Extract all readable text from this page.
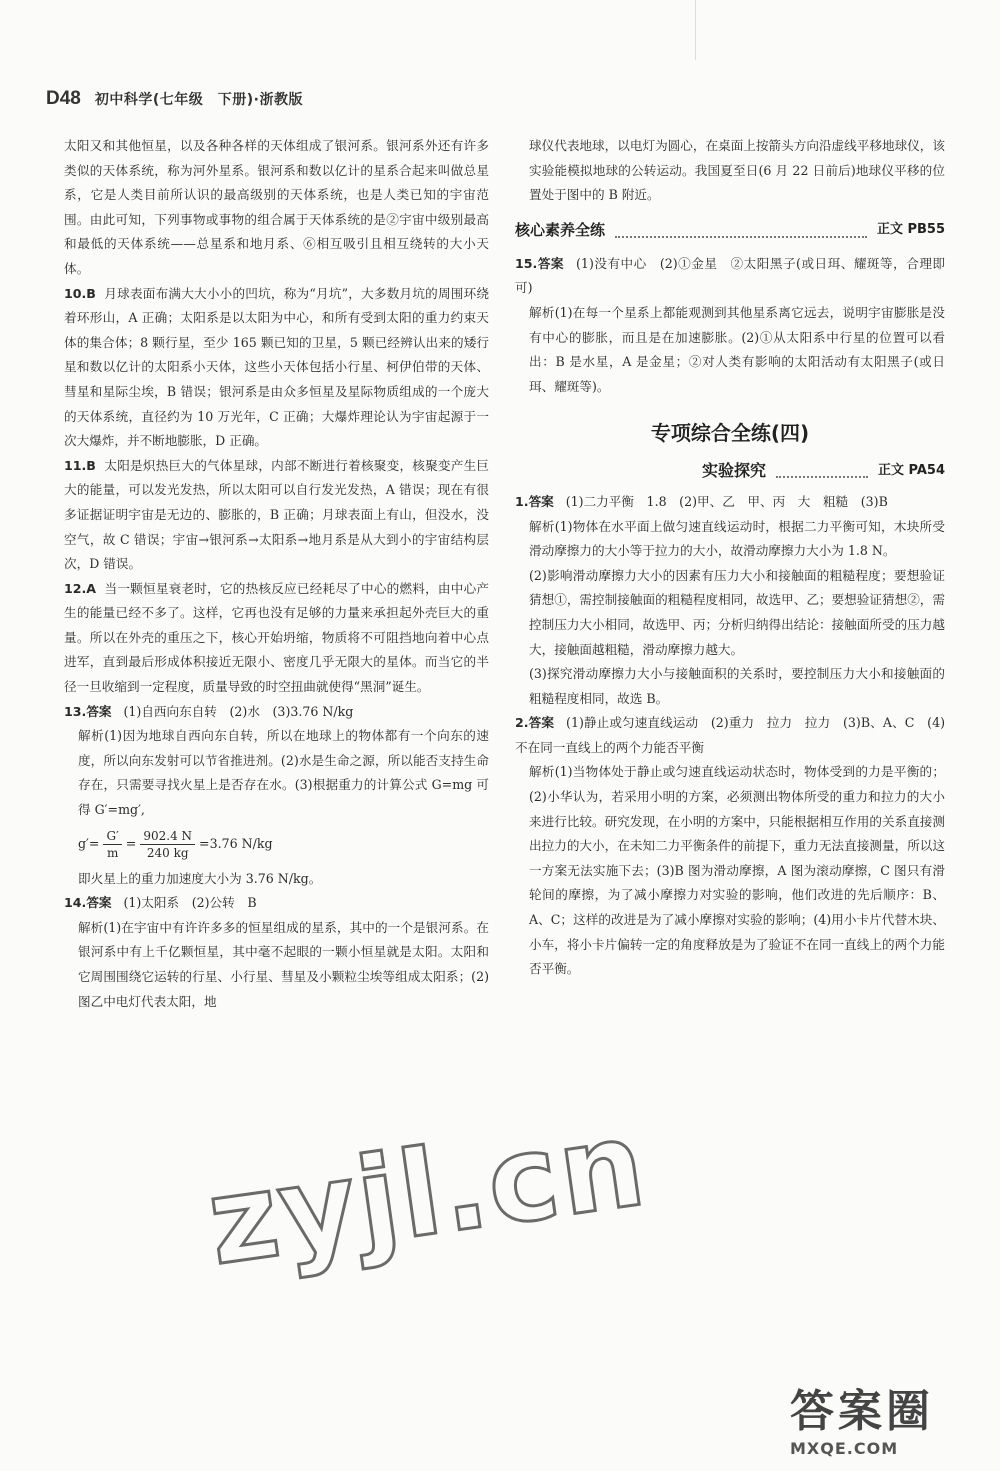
D48 初中科学(七年级　下册)·浙教版

太阳又和其他恒星，以及各种各样的天体组成了银河系。银河系外还有许多类似的天体系统，称为河外星系。银河系和数以亿计的星系合起来叫做总星系，它是人类目前所认识的最高级别的天体系统，也是人类已知的宇宙范围。由此可知，下列事物或事物的组合属于天体系统的是②宇宙中级别最高和最低的天体系统——总星系和地月系、⑥相互吸引且相互绕转的大小天体。

10.B 月球表面布满大大小小的凹坑，称为“月坑”，大多数月坑的周围环绕着环形山，A 正确；太阳系是以太阳为中心，和所有受到太阳的重力约束天体的集合体；8 颗行星，至少 165 颗已知的卫星，5 颗已经辨认出来的矮行星和数以亿计的太阳系小天体，这些小天体包括小行星、柯伊伯带的天体、彗星和星际尘埃，B 错误；银河系是由众多恒星及星际物质组成的一个庞大的天体系统，直径约为 10 万光年，C 正确；大爆炸理论认为宇宙起源于一次大爆炸，并不断地膨胀，D 正确。

11.B 太阳是炽热巨大的气体星球，内部不断进行着核聚变，核聚变产生巨大的能量，可以发光发热，所以太阳可以自行发光发热，A 错误；现在有很多证据证明宇宙是无边的、膨胀的，B 正确；月球表面上有山，但没水，没空气，故 C 错误；宇宙→银河系→太阳系→地月系是从大到小的宇宙结构层次，D 错误。

12.A 当一颗恒星衰老时，它的热核反应已经耗尽了中心的燃料，由中心产生的能量已经不多了。这样，它再也没有足够的力量来承担起外壳巨大的重量。所以在外壳的重压之下，核心开始坍缩，物质将不可阻挡地向着中心点进军，直到最后形成体积接近无限小、密度几乎无限大的星体。而当它的半径一旦收缩到一定程度，质量导致的时空扭曲就使得“黑洞”诞生。

13.答案 (1)自西向东自转　(2)水　(3)3.76 N/kg

解析(1)因为地球自西向东自转，所以在地球上的物体都有一个向东的速度，所以向东发射可以节省推进剂。(2)水是生命之源，所以能否支持生命存在，只需要寻找火星上是否存在水。(3)根据重力的计算公式 G=mg 可得 G′=mg′,

$g'= \frac{G'}{m} = \frac{902.4 N}{240 kg} =3.76$ N/kg

即火星上的重力加速度大小为 3.76 N/kg。

14.答案 (1)太阳系　(2)公转　B

解析(1)在宇宙中有许许多多的恒星组成的星系，其中的一个是银河系。在银河系中有上千亿颗恒星，其中毫不起眼的一颗小恒星就是太阳。太阳和它周围围绕它运转的行星、小行星、彗星及小颗粒尘埃等组成太阳系；(2)图乙中电灯代表太阳，地

球仪代表地球，以电灯为圆心，在桌面上按箭头方向沿虚线平移地球仪，该实验能模拟地球的公转运动。我国夏至日(6 月 22 日前后)地球仪平移的位置处于图中的 B 附近。

核心素养全练	正文 PB55

15.答案 (1)没有中心　(2)①金星　②太阳黑子(或日珥、耀斑等，合理即可)

解析(1)在每一个星系上都能观测到其他星系离它远去，说明宇宙膨胀是没有中心的膨胀，而且是在加速膨胀。(2)①从太阳系中行星的位置可以看出：B 是水星，A 是金星；②对人类有影响的太阳活动有太阳黑子(或日珥、耀斑等)。

专项综合全练(四)
实验探究	正文 PA54

1.答案 (1)二力平衡　1.8　(2)甲、乙　甲、丙　大　粗糙　(3)B

解析(1)物体在水平面上做匀速直线运动时，根据二力平衡可知，木块所受滑动摩擦力的大小等于拉力的大小，故滑动摩擦力大小为 1.8 N。

(2)影响滑动摩擦力大小的因素有压力大小和接触面的粗糙程度；要想验证猜想①，需控制接触面的粗糙程度相同，故选甲、乙；要想验证猜想②，需控制压力大小相同，故选甲、丙；分析归纳得出结论：接触面所受的压力越大，接触面越粗糙，滑动摩擦力越大。

(3)探究滑动摩擦力大小与接触面积的关系时，要控制压力大小和接触面的粗糙程度相同，故选 B。

2.答案 (1)静止或匀速直线运动　(2)重力　拉力　拉力　(3)B、A、C　(4)不在同一直线上的两个力能否平衡

解析(1)当物体处于静止或匀速直线运动状态时，物体受到的力是平衡的；(2)小华认为，若采用小明的方案，必须测出物体所受的重力和拉力的大小来进行比较。研究发现，在小明的方案中，只能根据相互作用的关系直接测出拉力的大小，在未知二力平衡条件的前提下，重力无法直接测量，所以这一方案无法实施下去；(3)B 图为滑动摩擦，A 图为滚动摩擦，C 图只有滑轮间的摩擦，为了减小摩擦力对实验的影响，他们改进的先后顺序：B、A、C；这样的改进是为了减小摩擦对实验的影响；(4)用小卡片代替木块、小车，将小卡片偏转一定的角度释放是为了验证不在同一直线上的两个力能否平衡。

zyjl.cn
答案圈
MXQE.COM
